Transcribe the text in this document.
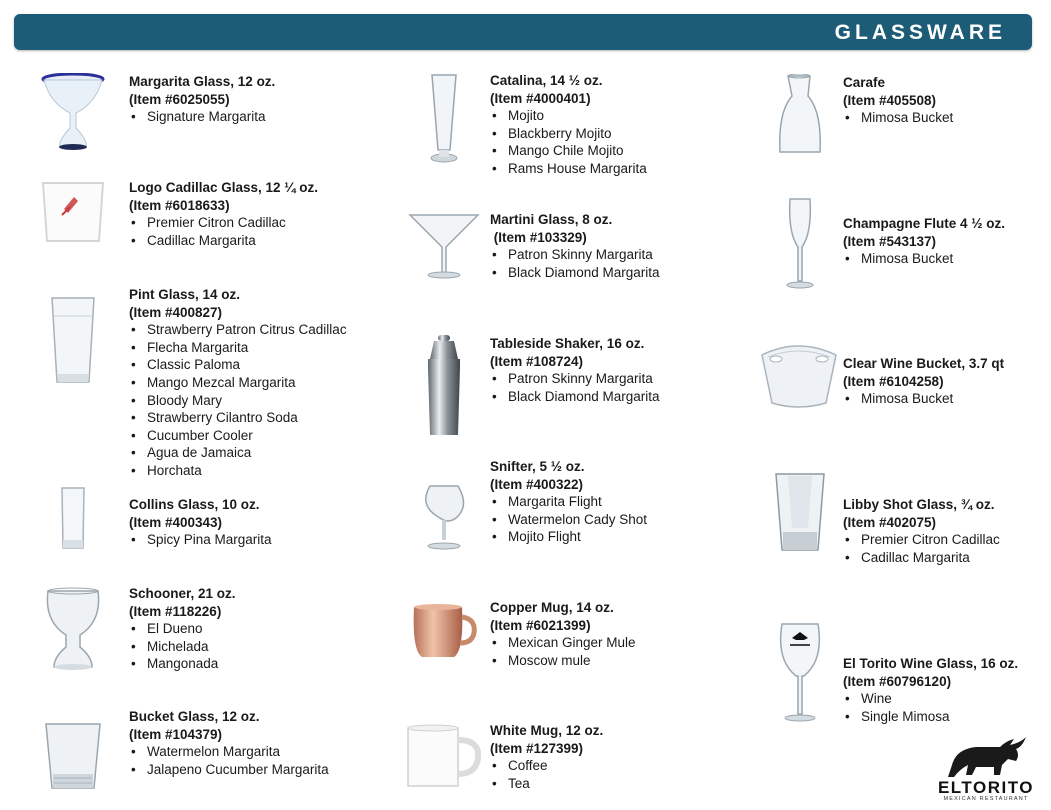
GLASSWARE
Margarita Glass, 12 oz.
(Item #6025055)
• Signature Margarita
Logo Cadillac Glass, 12 ¼ oz.
(Item #6018633)
• Premier Citron Cadillac
• Cadillac Margarita
Pint Glass, 14 oz.
(Item #400827)
• Strawberry Patron Citrus Cadillac
• Flecha Margarita
• Classic Paloma
• Mango Mezcal Margarita
• Bloody Mary
• Strawberry Cilantro Soda
• Cucumber Cooler
• Agua de Jamaica
• Horchata
Collins Glass, 10 oz.
(Item #400343)
• Spicy Pina Margarita
Schooner, 21 oz.
(Item #118226)
• El Dueno
• Michelada
• Mangonada
Bucket Glass, 12 oz.
(Item #104379)
• Watermelon Margarita
• Jalapeno Cucumber Margarita
Catalina, 14 ½ oz.
(Item #4000401)
• Mojito
• Blackberry Mojito
• Mango Chile Mojito
• Rams House Margarita
Martini Glass, 8 oz.
(Item #103329)
• Patron Skinny Margarita
• Black Diamond Margarita
Tableside Shaker, 16 oz.
(Item #108724)
• Patron Skinny Margarita
• Black Diamond Margarita
Snifter, 5 ½ oz.
(Item #400322)
• Margarita Flight
• Watermelon Cady Shot
• Mojito Flight
Copper Mug, 14 oz.
(Item #6021399)
• Mexican Ginger Mule
• Moscow mule
White Mug, 12 oz.
(Item #127399)
• Coffee
• Tea
Carafe
(Item #405508)
• Mimosa Bucket
Champagne Flute 4 ½ oz.
(Item #543137)
• Mimosa Bucket
Clear Wine Bucket, 3.7 qt
(Item #6104258)
• Mimosa Bucket
Libby Shot Glass, ¾ oz.
(Item #402075)
• Premier Citron Cadillac
• Cadillac Margarita
El Torito Wine Glass, 16 oz.
(Item #60796120)
• Wine
• Single Mimosa
ELTORITO
MEXICAN RESTAURANT
